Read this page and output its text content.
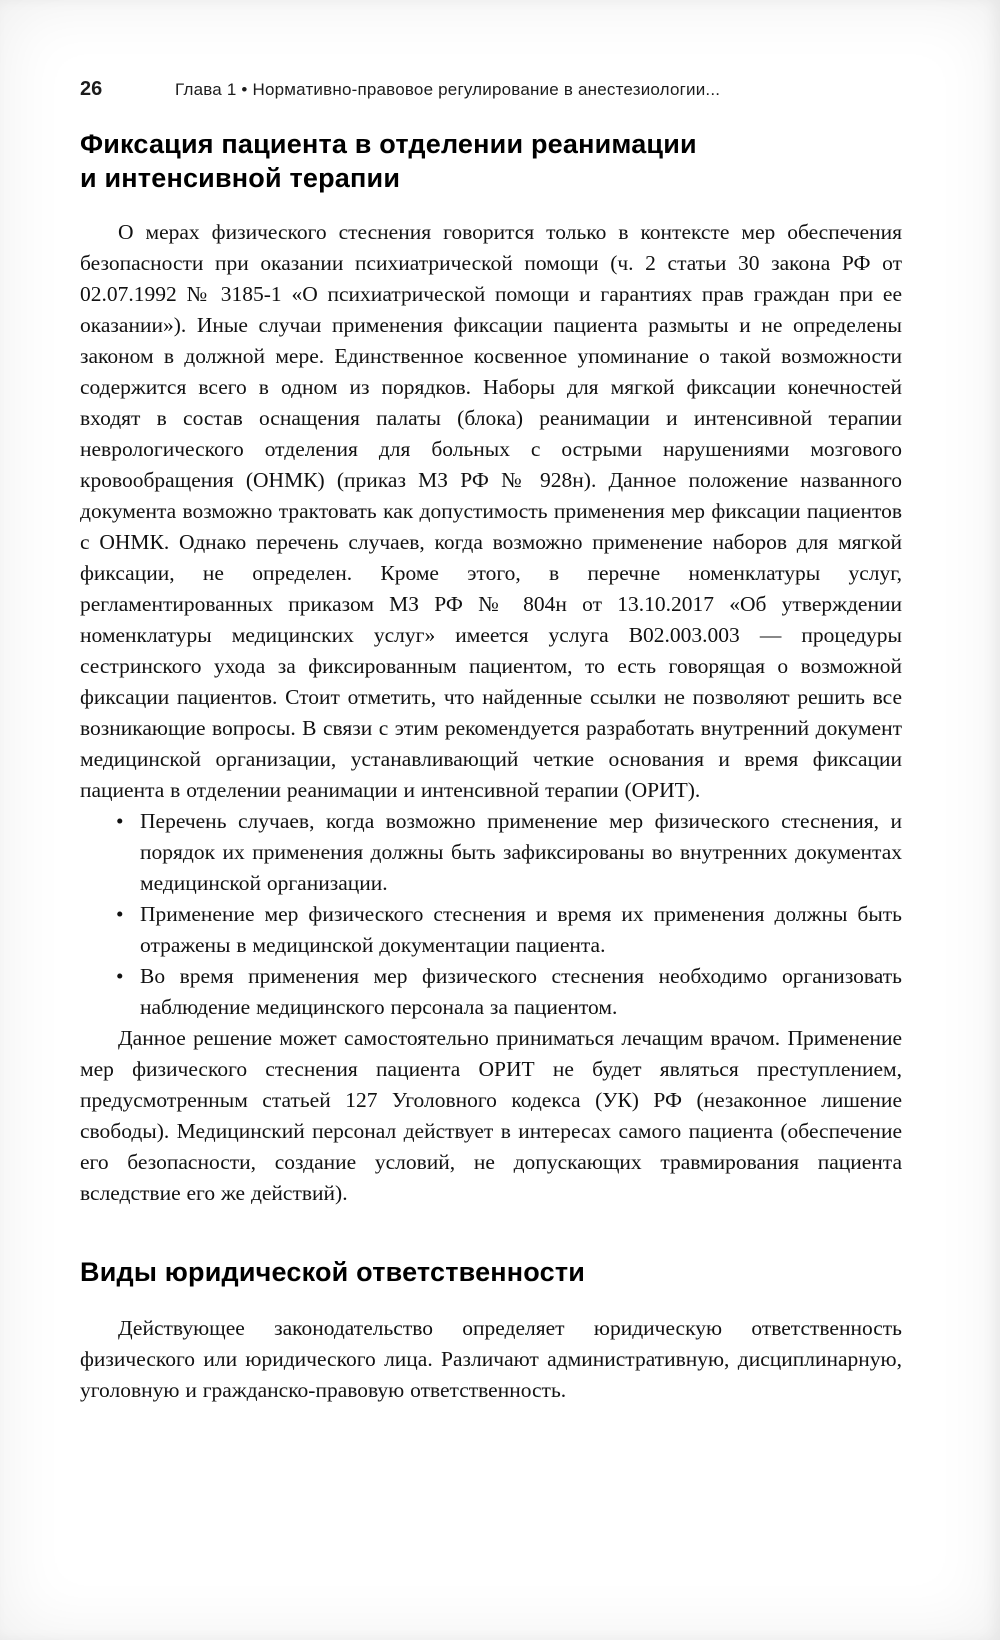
26	Глава 1 • Нормативно-правовое регулирование в анестезиологии...
Фиксация пациента в отделении реанимации
и интенсивной терапии

О мерах физического стеснения говорится только в контексте мер обеспечения безопасности при оказании психиатрической помощи (ч. 2 статьи 30 закона РФ от 02.07.1992 № 3185-1 «О психиатрической помощи и гарантиях прав граждан при ее оказании»). Иные случаи применения фиксации пациента размыты и не определены законом в должной мере. Единственное косвенное упоминание о такой возможности содержится всего в одном из порядков. Наборы для мягкой фиксации конечностей входят в состав оснащения палаты (блока) реанимации и интенсивной терапии неврологического отделения для больных с острыми нарушениями мозгового кровообращения (ОНМК) (приказ МЗ РФ № 928н). Данное положение названного документа возможно трактовать как допустимость применения мер фиксации пациентов с ОНМК. Однако перечень случаев, когда возможно применение наборов для мягкой фиксации, не определен. Кроме этого, в перечне номенклатуры услуг, регламентированных приказом МЗ РФ № 804н от 13.10.2017 «Об утверждении номенклатуры медицинских услуг» имеется услуга В02.003.003 — процедуры сестринского ухода за фиксированным пациентом, то есть говорящая о возможной фиксации пациентов. Стоит отметить, что найденные ссылки не позволяют решить все возникающие вопросы. В связи с этим рекомендуется разработать внутренний документ медицинской организации, устанавливающий четкие основания и время фиксации пациента в отделении реанимации и интенсивной терапии (ОРИТ).

• Перечень случаев, когда возможно применение мер физического стеснения, и порядок их применения должны быть зафиксированы во внутренних документах медицинской организации.
• Применение мер физического стеснения и время их применения должны быть отражены в медицинской документации пациента.
• Во время применения мер физического стеснения необходимо организовать наблюдение медицинского персонала за пациентом.

Данное решение может самостоятельно приниматься лечащим врачом. Применение мер физического стеснения пациента ОРИТ не будет являться преступлением, предусмотренным статьей 127 Уголовного кодекса (УК) РФ (незаконное лишение свободы). Медицинский персонал действует в интересах самого пациента (обеспечение его безопасности, создание условий, не допускающих травмирования пациента вследствие его же действий).

Виды юридической ответственности

Действующее законодательство определяет юридическую ответственность физического или юридического лица. Различают административную, дисциплинарную, уголовную и гражданско-правовую ответственность.
